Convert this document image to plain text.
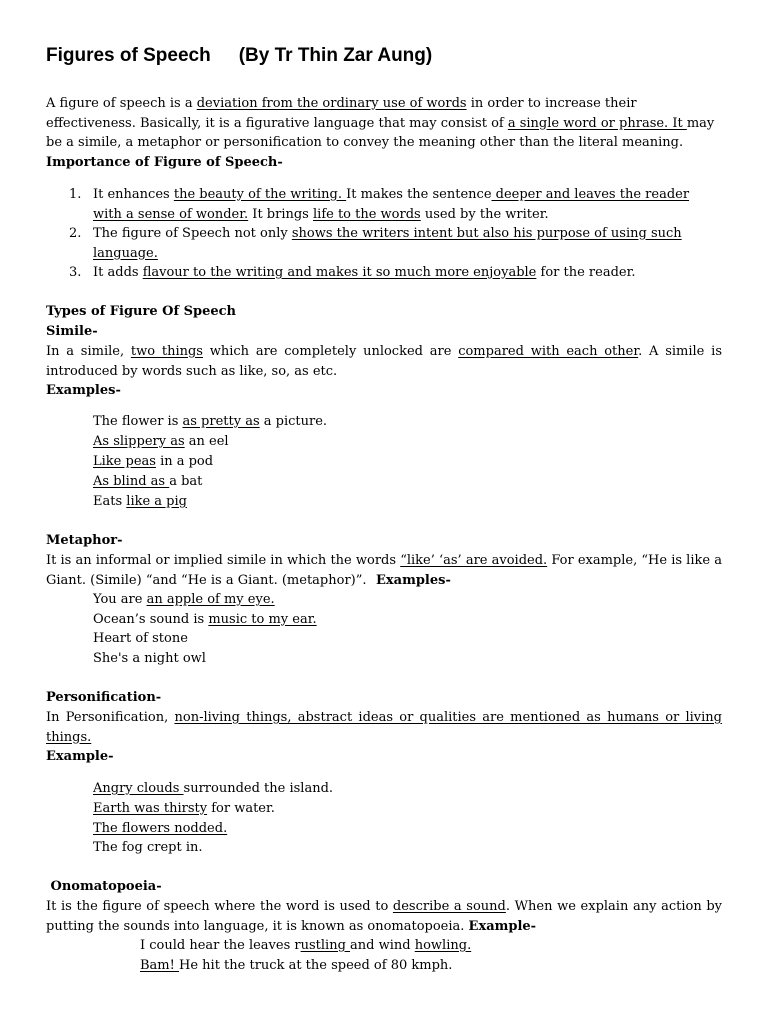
Figures of Speech (By Tr Thin Zar Aung)
A figure of speech is a deviation from the ordinary use of words in order to increase their effectiveness. Basically, it is a figurative language that may consist of a single word or phrase. It may be a simile, a metaphor or personification to convey the meaning other than the literal meaning.
Importance of Figure of Speech-
1. It enhances the beauty of the writing. It makes the sentence deeper and leaves the reader with a sense of wonder. It brings life to the words used by the writer.
2. The figure of Speech not only shows the writers intent but also his purpose of using such language.
3. It adds flavour to the writing and makes it so much more enjoyable for the reader.
Types of Figure Of Speech
Simile-
In a simile, two things which are completely unlocked are compared with each other. A simile is introduced by words such as like, so, as etc.
Examples-
The flower is as pretty as a picture.
As slippery as an eel
Like peas in a pod
As blind as a bat
Eats like a pig
Metaphor-
It is an informal or implied simile in which the words “like’ ‘as’ are avoided. For example, “He is like a Giant. (Simile) “and “He is a Giant. (metaphor)”. Examples-
You are an apple of my eye.
Ocean’s sound is music to my ear.
Heart of stone
She's a night owl
Personification-
In Personification, non-living things, abstract ideas or qualities are mentioned as humans or living things.
Example-
Angry clouds surrounded the island.
Earth was thirsty for water.
The flowers nodded.
The fog crept in.
Onomatopoeia-
It is the figure of speech where the word is used to describe a sound. When we explain any action by putting the sounds into language, it is known as onomatopoeia. Example-
I could hear the leaves rustling and wind howling.
Bam! He hit the truck at the speed of 80 kmph.
